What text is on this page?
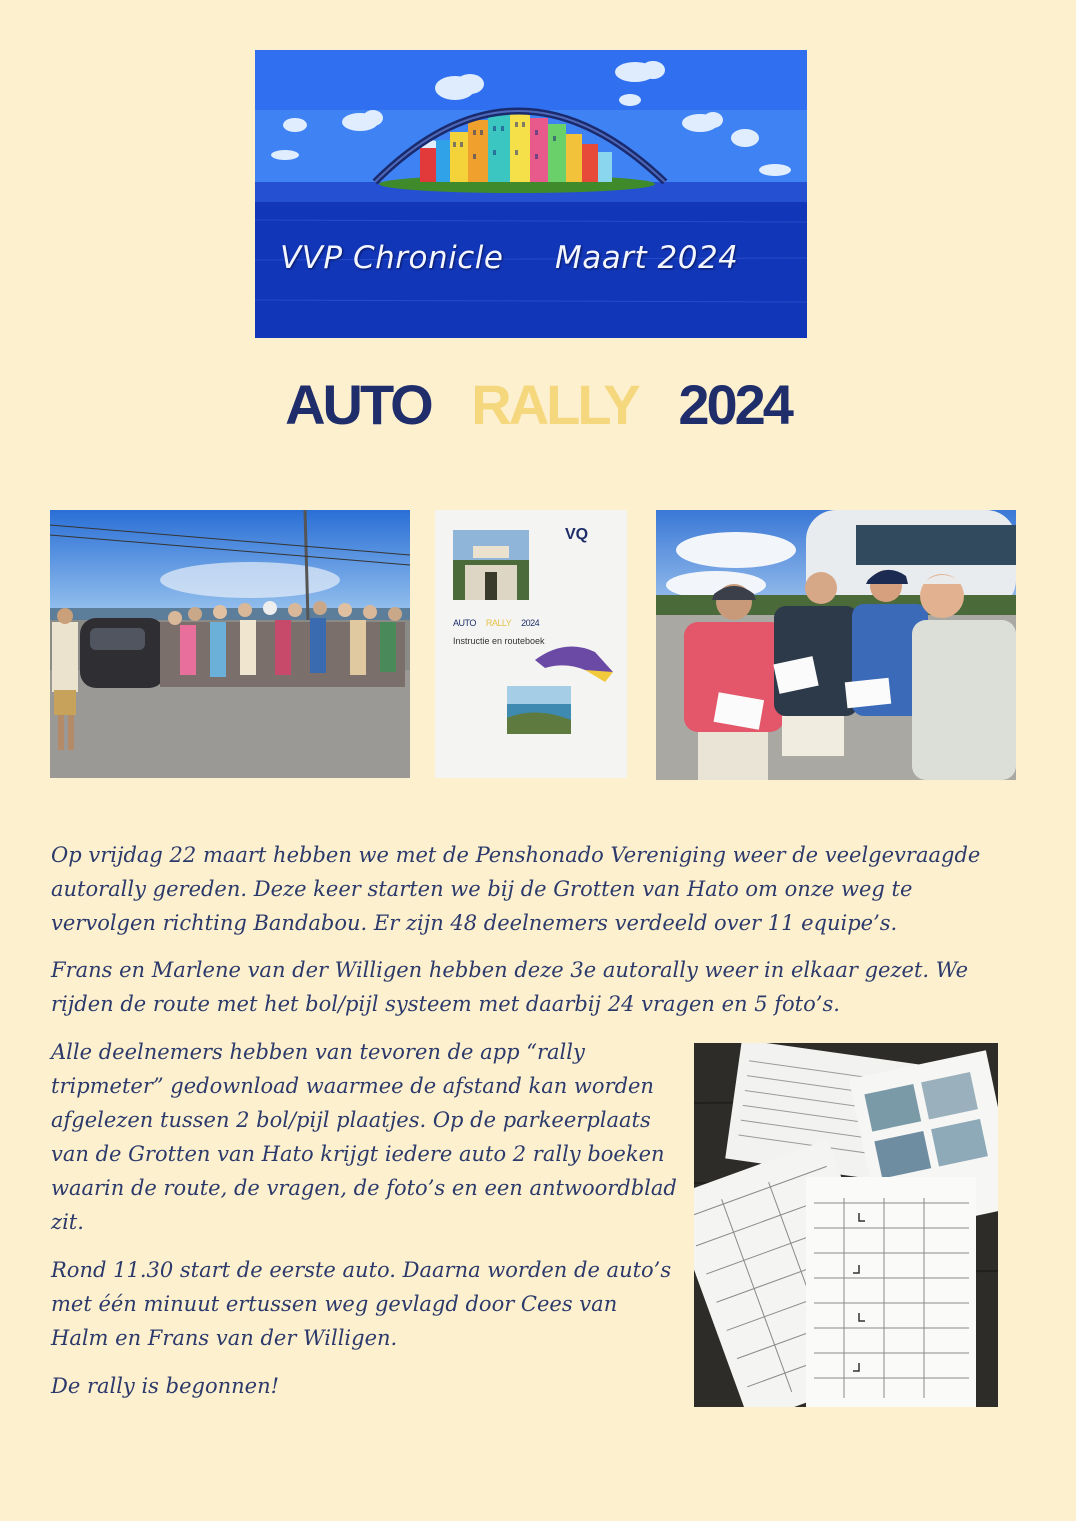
VVP Chronicle Maart 2024
AUTO RALLY 2024
VQ
AUTO RALLY 2024
Instructie en routeboek
Op vrijdag 22 maart hebben we met de Penshonado Vereniging weer de veelgevraagde autorally gereden. Deze keer starten we bij de Grotten van Hato om onze weg te vervolgen richting Bandabou. Er zijn 48 deelnemers verdeeld over 11 equipe’s.
Frans en Marlene van der Willigen hebben deze 3e autorally weer in elkaar gezet. We rijden de route met het bol/pijl systeem met daarbij 24 vragen en 5 foto’s.
Alle deelnemers hebben van tevoren de app “rally tripmeter” gedownload waarmee de afstand kan worden afgelezen tussen 2 bol/pijl plaatjes. Op de parkeerplaats van de Grotten van Hato krijgt iedere auto 2 rally boeken waarin de route, de vragen, de foto’s en een antwoordblad zit.
Rond 11.30 start de eerste auto. Daarna worden de auto’s met één minuut ertussen weg gevlagd door Cees van Halm en Frans van der Willigen.
De rally is begonnen!
